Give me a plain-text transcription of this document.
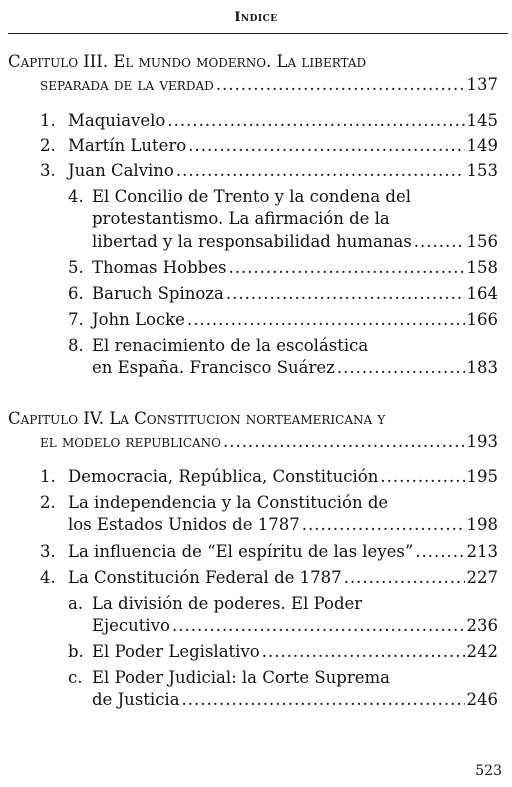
Indice
Capitulo III. El mundo moderno. La libertad
separada de la verdad .....	137
1. Maquiavelo .....	145
2. Martín Lutero .....	149
3. Juan Calvino .....	153
4. El Concilio de Trento y la condena del
protestantismo. La afirmación de la
libertad y la responsabilidad humanas .....	156
5. Thomas Hobbes .....	158
6. Baruch Spinoza .....	164
7. John Locke .....	166
8. El renacimiento de la escolástica
en España. Francisco Suárez .....	183
Capitulo IV. La Constitucion norteamericana y
el modelo republicano .....	193
1. Democracia, República, Constitución .....	195
2. La independencia y la Constitución de
los Estados Unidos de 1787 .....	198
3. La influencia de “El espíritu de las leyes” .....	213
4. La Constitución Federal de 1787 .....	227
a. La división de poderes. El Poder
Ejecutivo .....	236
b. El Poder Legislativo .....	242
c. El Poder Judicial: la Corte Suprema
de Justicia .....	246
523
